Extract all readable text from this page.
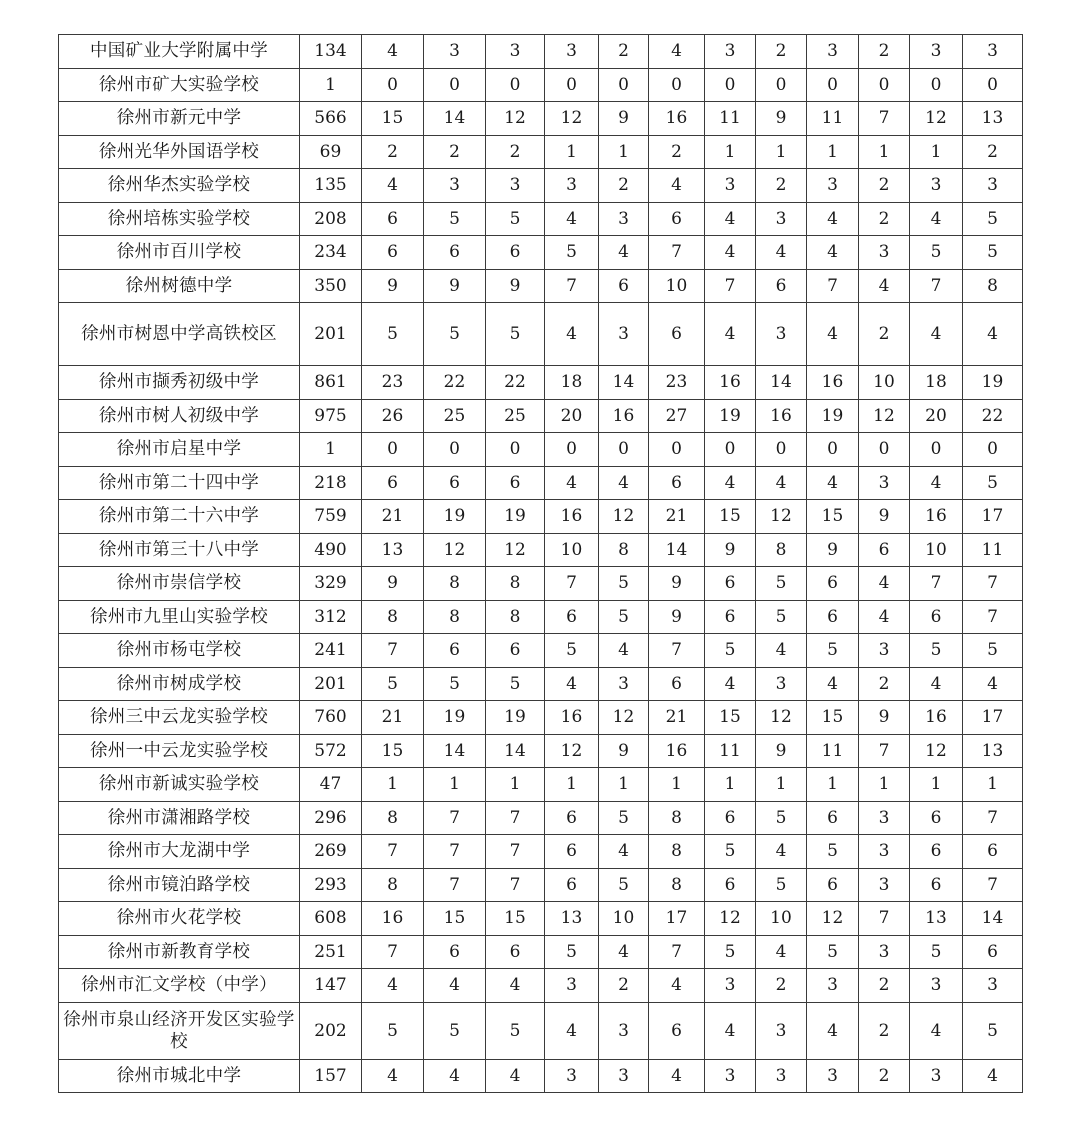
中国矿业大学附属中学	134	4	3	3	3	2	4	3	2	3	2	3	3
徐州市矿大实验学校	1	0	0	0	0	0	0	0	0	0	0	0	0
徐州市新元中学	566	15	14	12	12	9	16	11	9	11	7	12	13
徐州光华外国语学校	69	2	2	2	1	1	2	1	1	1	1	1	2
徐州华杰实验学校	135	4	3	3	3	2	4	3	2	3	2	3	3
徐州培栋实验学校	208	6	5	5	4	3	6	4	3	4	2	4	5
徐州市百川学校	234	6	6	6	5	4	7	4	4	4	3	5	5
徐州树德中学	350	9	9	9	7	6	10	7	6	7	4	7	8
徐州市树恩中学高铁校区	201	5	5	5	4	3	6	4	3	4	2	4	4
徐州市撷秀初级中学	861	23	22	22	18	14	23	16	14	16	10	18	19
徐州市树人初级中学	975	26	25	25	20	16	27	19	16	19	12	20	22
徐州市启星中学	1	0	0	0	0	0	0	0	0	0	0	0	0
徐州市第二十四中学	218	6	6	6	4	4	6	4	4	4	3	4	5
徐州市第二十六中学	759	21	19	19	16	12	21	15	12	15	9	16	17
徐州市第三十八中学	490	13	12	12	10	8	14	9	8	9	6	10	11
徐州市崇信学校	329	9	8	8	7	5	9	6	5	6	4	7	7
徐州市九里山实验学校	312	8	8	8	6	5	9	6	5	6	4	6	7
徐州市杨屯学校	241	7	6	6	5	4	7	5	4	5	3	5	5
徐州市树成学校	201	5	5	5	4	3	6	4	3	4	2	4	4
徐州三中云龙实验学校	760	21	19	19	16	12	21	15	12	15	9	16	17
徐州一中云龙实验学校	572	15	14	14	12	9	16	11	9	11	7	12	13
徐州市新诚实验学校	47	1	1	1	1	1	1	1	1	1	1	1	1
徐州市潇湘路学校	296	8	7	7	6	5	8	6	5	6	3	6	7
徐州市大龙湖中学	269	7	7	7	6	4	8	5	4	5	3	6	6
徐州市镜泊路学校	293	8	7	7	6	5	8	6	5	6	3	6	7
徐州市火花学校	608	16	15	15	13	10	17	12	10	12	7	13	14
徐州市新教育学校	251	7	6	6	5	4	7	5	4	5	3	5	6
徐州市汇文学校（中学）	147	4	4	4	3	2	4	3	2	3	2	3	3
徐州市泉山经济开发区实验学校	202	5	5	5	4	3	6	4	3	4	2	4	5
徐州市城北中学	157	4	4	4	3	3	4	3	3	3	2	3	4
